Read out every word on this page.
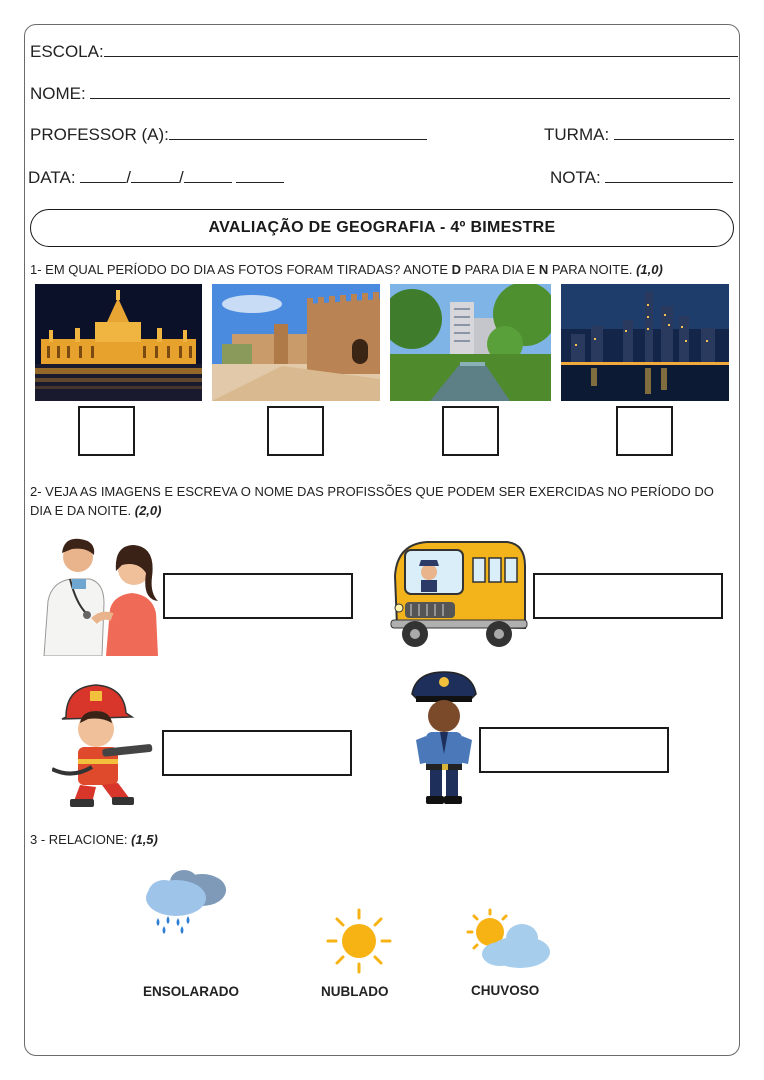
ESCOLA:
NOME:
PROFESSOR (A):	TURMA:
DATA:	/	/	NOTA:
AVALIAÇÃO DE GEOGRAFIA - 4º BIMESTRE
1- EM QUAL PERÍODO DO DIA AS FOTOS FORAM TIRADAS? ANOTE D PARA DIA E N PARA NOITE. (1,0)
2- VEJA AS IMAGENS E ESCREVA O NOME DAS PROFISSÕES QUE PODEM SER EXERCIDAS NO PERÍODO DO DIA E DA NOITE. (2,0)
3 - RELACIONE: (1,5)
ENSOLARADO	NUBLADO	CHUVOSO
